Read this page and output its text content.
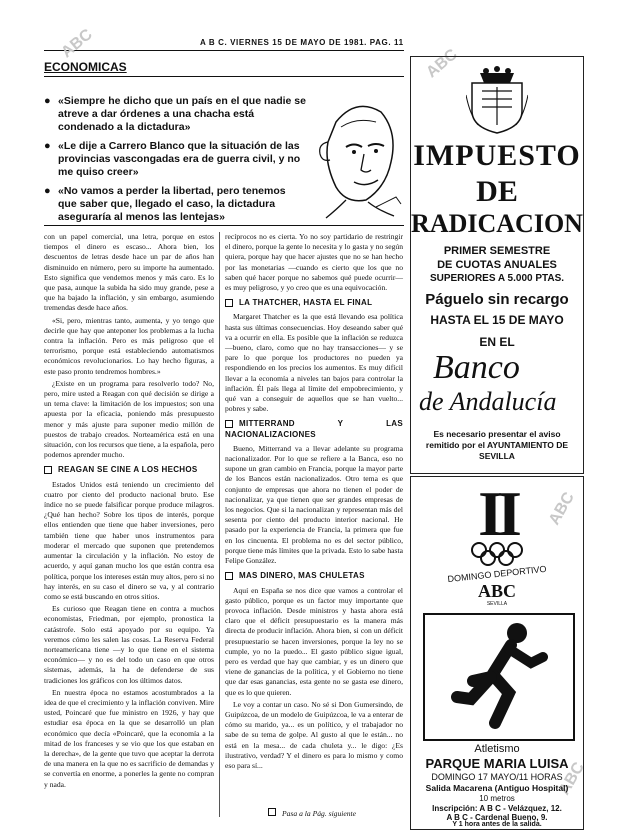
A B C. VIERNES 15 DE MAYO DE 1981. PAG. 11
ABC
ABC
ABC
ABC
ECONOMICAS
● «Siempre he dicho que un país en el que nadie se atreve a dar órdenes a una chacha está condenado a la dictadura»
● «Le dije a Carrero Blanco que la situación de las provincias vascongadas era de guerra civil, y no me quiso creer»
● «No vamos a perder la libertad, pero tenemos que saber que, llegado el caso, la dictadura aseguraría al menos las lentejas»

con un papel comercial, una letra, porque en estos tiempos el dinero es escaso... Ahora bien, los descuentos de letras desde hace un par de años han disminuido en número, pero su importe ha aumentado. Esto significa que vendemos menos y más caro. Es lo que pasa, aunque la subida ha sido muy grande, pese a que ha bajado la inflación, y sin embargo, asumiendo tremendas desde hace años.

«Si, pero, mientras tanto, aumenta, y yo tengo que decirle que hay que anteponer los problemas a la lucha contra la inflación. Pero es más peligroso que el terrorismo, porque está estableciendo automatismos económicos revolucionarios. Lo hay hecho figuras, a este paso pronto tendremos hombres.»

¿Existe en un programa para resolverlo todo? No, pero, mire usted a Reagan con qué decisión se dirige a un tema clave: la limitación de los impuestos; son una apuesta por la eficacia, poniendo más presupuesto menor y más ajuste para suponer medio millón de puestos de trabajo creados. Norteamérica está en una situación, con los recursos que tiene, a la española, pero podemos aprender mucho.

REAGAN SE CINE A LOS HECHOS

Estados Unidos está teniendo un crecimiento del cuatro por ciento del producto nacional bruto. Ese índice no se puede falsificar porque produce milagros. ¿Qué han hecho? Sobre los tipos de interés, porque ellos entienden que tiene que haber inversiones, pero también tiene que haber unos instrumentos para moderar el mercado que suponen que pretendemos aumentar la circulación y la inflación. No estoy de acuerdo, y aquí ganan mucho los que están contra esa política, porque los intereses están muy altos, pero si no hay interés, en su caso el dinero se va, y al contrario como se está buscando en otros sitios.

Es curioso que Reagan tiene en contra a muchos economistas, Friedman, por ejemplo, pronostica la catástrofe. Solo está apoyado por su equipo. Ya veremos cómo les salen las cosas. La Reserva Federal norteamericana tiene —y lo que tiene en el sistema económico— y no es del todo un caso en que otros sistemas, además, la ha de defenderse de sus tradiciones los gráficos con los últimos datos.

En nuestra época no estamos acostumbrados a la idea de que el crecimiento y la inflación conviven. Mire usted, Poincaré que fue ministro en 1926, y hay que estudiar esa época en la que se desarrolló un plan económico que decía «Poincaré, que la economía a la mitad de los franceses y se vio que los que estaban en la derecha», de la gente que tuvo que aceptar la derrota de una manera en la que no es sacrificio de demandas y se convertía en enorme, a ponerles la gente no compran y nada.

recíprocos no es cierta. Yo no soy partidario de restringir el dinero, porque la gente lo necesita y lo gasta y no según quiera, porque hay que hacer ajustes que no se han hecho por las monetarias —cuando es cierto que los que no saben qué hacer porque no sabemos qué puede ocurrir— es muy peligroso, y yo creo que es una equivocación.

LA THATCHER, HASTA EL FINAL

Margaret Thatcher es la que está llevando esa política hasta sus últimas consecuencias. Hoy deseando saber qué va a ocurrir en ella. Es posible que la inflación se reduzca —bueno, claro, como que no hay transacciones— y se pare lo que porque los productores no pueden ya respondiendo en los precios los aumentos. Es muy difícil llevar a la economía a niveles tan bajos para controlar la inflación. Él país llega al límite del empobrecimiento, y qué van a conseguir de aquellos que se han vuelto... pobres y sabe.

MITTERRAND Y LAS NACIONALIZACIONES

Bueno, Mitterrand va a llevar adelante su programa nacionalizador. Por lo que se refiere a la Banca, eso no supone un gran cambio en Francia, porque la mayor parte de los Bancos están nacionalizados. Otro tema es que conjunto de empresas que ahora no tienen el poder de nacionalizar, ya que tienen que ser grandes empresas de los negocios. Que si la nacionalizan y representan más del sesenta por ciento del producto interior nacional. He pasado por la experiencia de Francia, la primera que fue en los cincuenta. El problema no es del sector público, porque tiene más límites que la privada. Esto lo sabe hasta Felipe González.

MAS DINERO, MAS CHULETAS

Aquí en España se nos dice que vamos a controlar el gasto público, porque es un factor muy importante que provoca inflación. Desde ministros y hasta ahora está claro que el déficit presupuestario es la manera más directa de producir inflación. Ahora bien, si con un déficit presupuestario se hacen inversiones, porque la ley no se cumple, yo no la puedo... El gasto público sigue igual, pero es verdad que hay que cambiar, y es un dinero que viene de ganancias de la política, y el Gobierno no tiene que dar esas ganancias, esta gente no se gasta ese dinero, que es lo que quieren.

Le voy a contar un caso. No sé si Don Gumersindo, de Guipúzcoa, de un modelo de Guipúzcoa, le va a enterar de cómo su marido, ya... es un político, y el trabajador no sabe de su tema de golpe. Al gusto al que le están... no está en la mesa... de cada chuleta y... le digo: ¿Es ilustrativo, verdad? Y el dinero es para lo mismo y como eso para sí...

Pasa a la Pág. siguiente
IMPUESTO
DE
RADICACION
PRIMER SEMESTRE
DE CUOTAS ANUALES
SUPERIORES A 5.000 PTAS.
Páguelo sin recargo
HASTA EL 15 DE MAYO
EN EL
Banco
de Andalucía
Es necesario presentar el aviso remitido por el AYUNTAMIENTO DE SEVILLA
II
DOMINGO DEPORTIVO
ABC
SEVILLA
Atletismo
PARQUE MARIA LUISA
DOMINGO 17 MAYO/11 HORAS
Salida Macarena (Antiguo Hospital)
10 metros
Inscripción: A B C - Velázquez, 12.
A B C - Cardenal Bueno, 9.
Y 1 hora antes de la salida.
